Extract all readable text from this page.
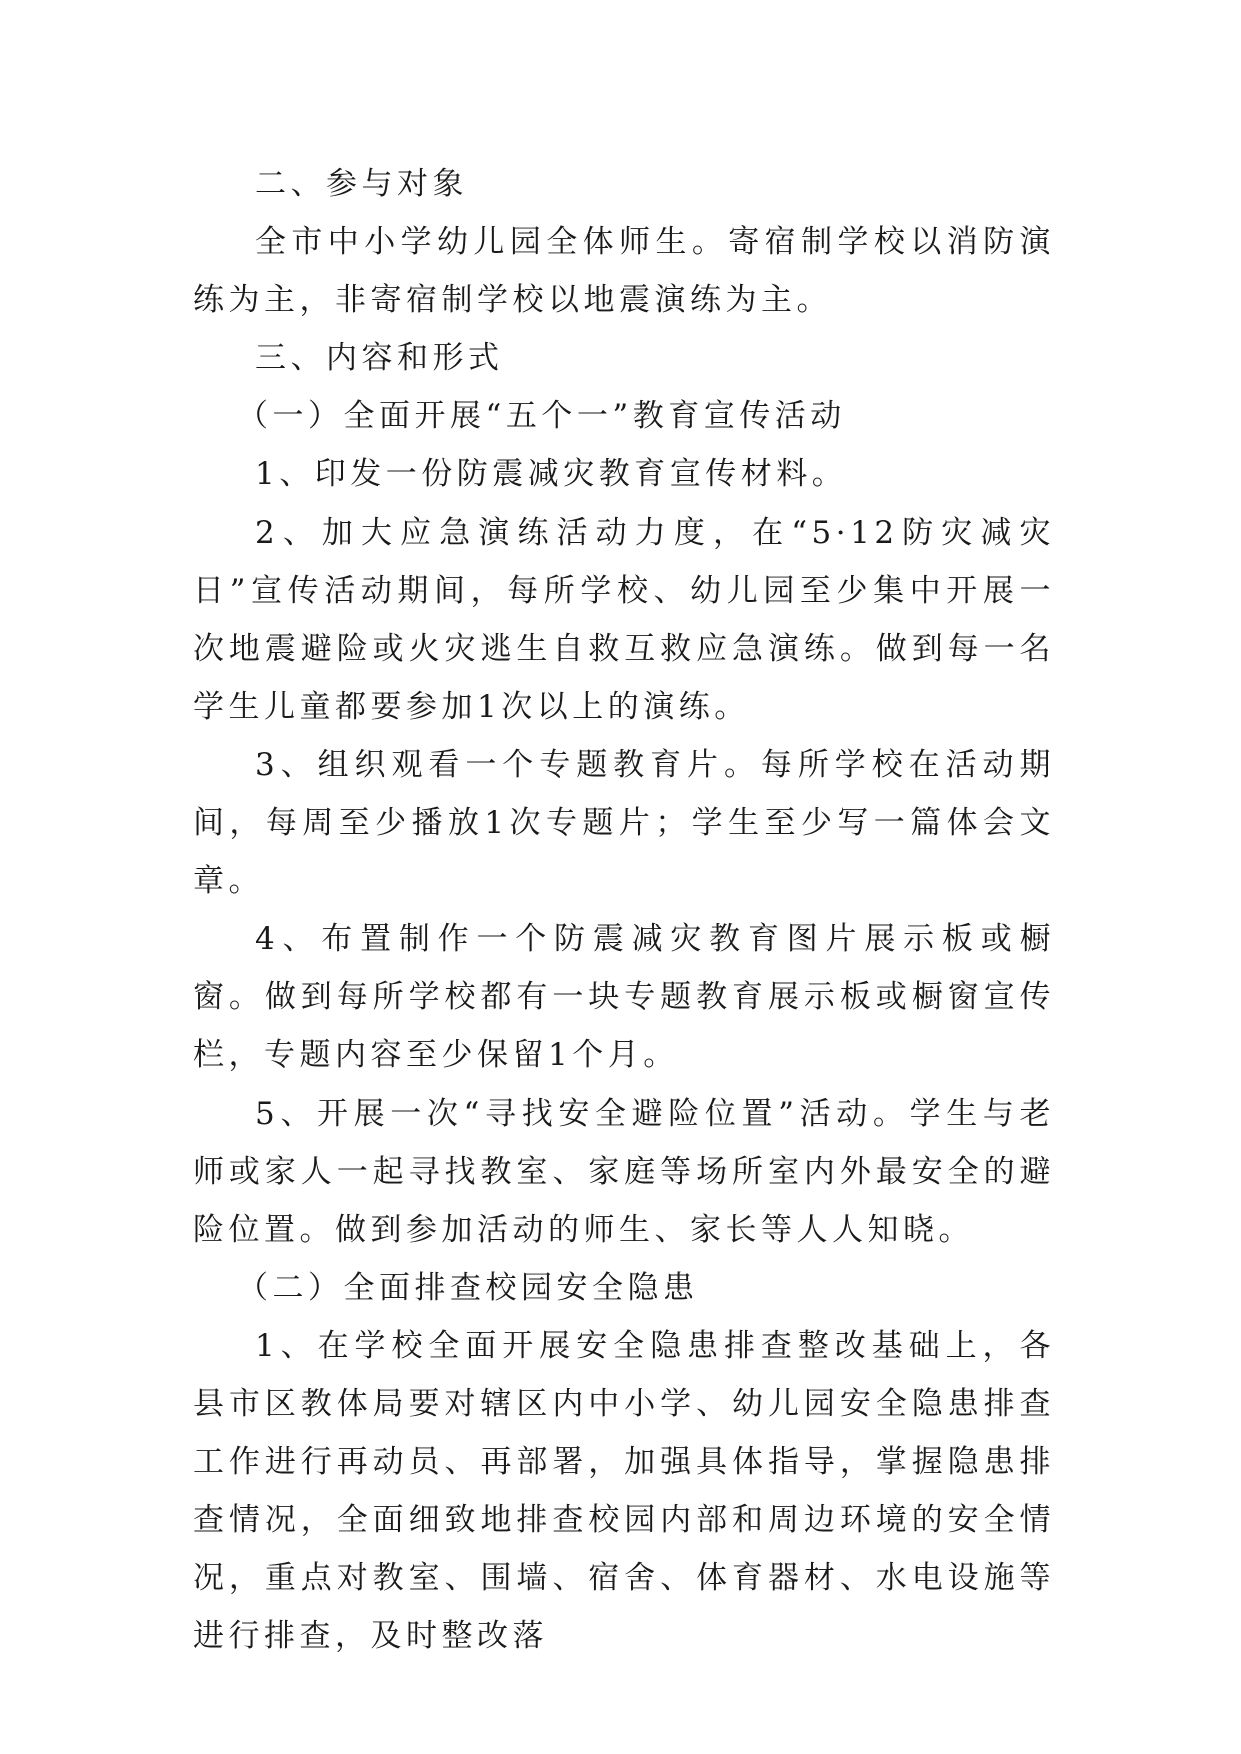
二、参与对象

全市中小学幼儿园全体师生。寄宿制学校以消防演练为主，非寄宿制学校以地震演练为主。

三、内容和形式

（一）全面开展“五个一”教育宣传活动

1、印发一份防震减灾教育宣传材料。

2、加大应急演练活动力度，在“5·12防灾减灾日”宣传活动期间，每所学校、幼儿园至少集中开展一次地震避险或火灾逃生自救互救应急演练。做到每一名学生儿童都要参加1次以上的演练。

3、组织观看一个专题教育片。每所学校在活动期间，每周至少播放1次专题片；学生至少写一篇体会文章。

4、布置制作一个防震减灾教育图片展示板或橱窗。做到每所学校都有一块专题教育展示板或橱窗宣传栏，专题内容至少保留1个月。

5、开展一次“寻找安全避险位置”活动。学生与老师或家人一起寻找教室、家庭等场所室内外最安全的避险位置。做到参加活动的师生、家长等人人知晓。

（二）全面排查校园安全隐患

1、在学校全面开展安全隐患排查整改基础上，各县市区教体局要对辖区内中小学、幼儿园安全隐患排查工作进行再动员、再部署，加强具体指导，掌握隐患排查情况，全面细致地排查校园内部和周边环境的安全情况，重点对教室、围墙、宿舍、体育器材、水电设施等进行排查，及时整改落
